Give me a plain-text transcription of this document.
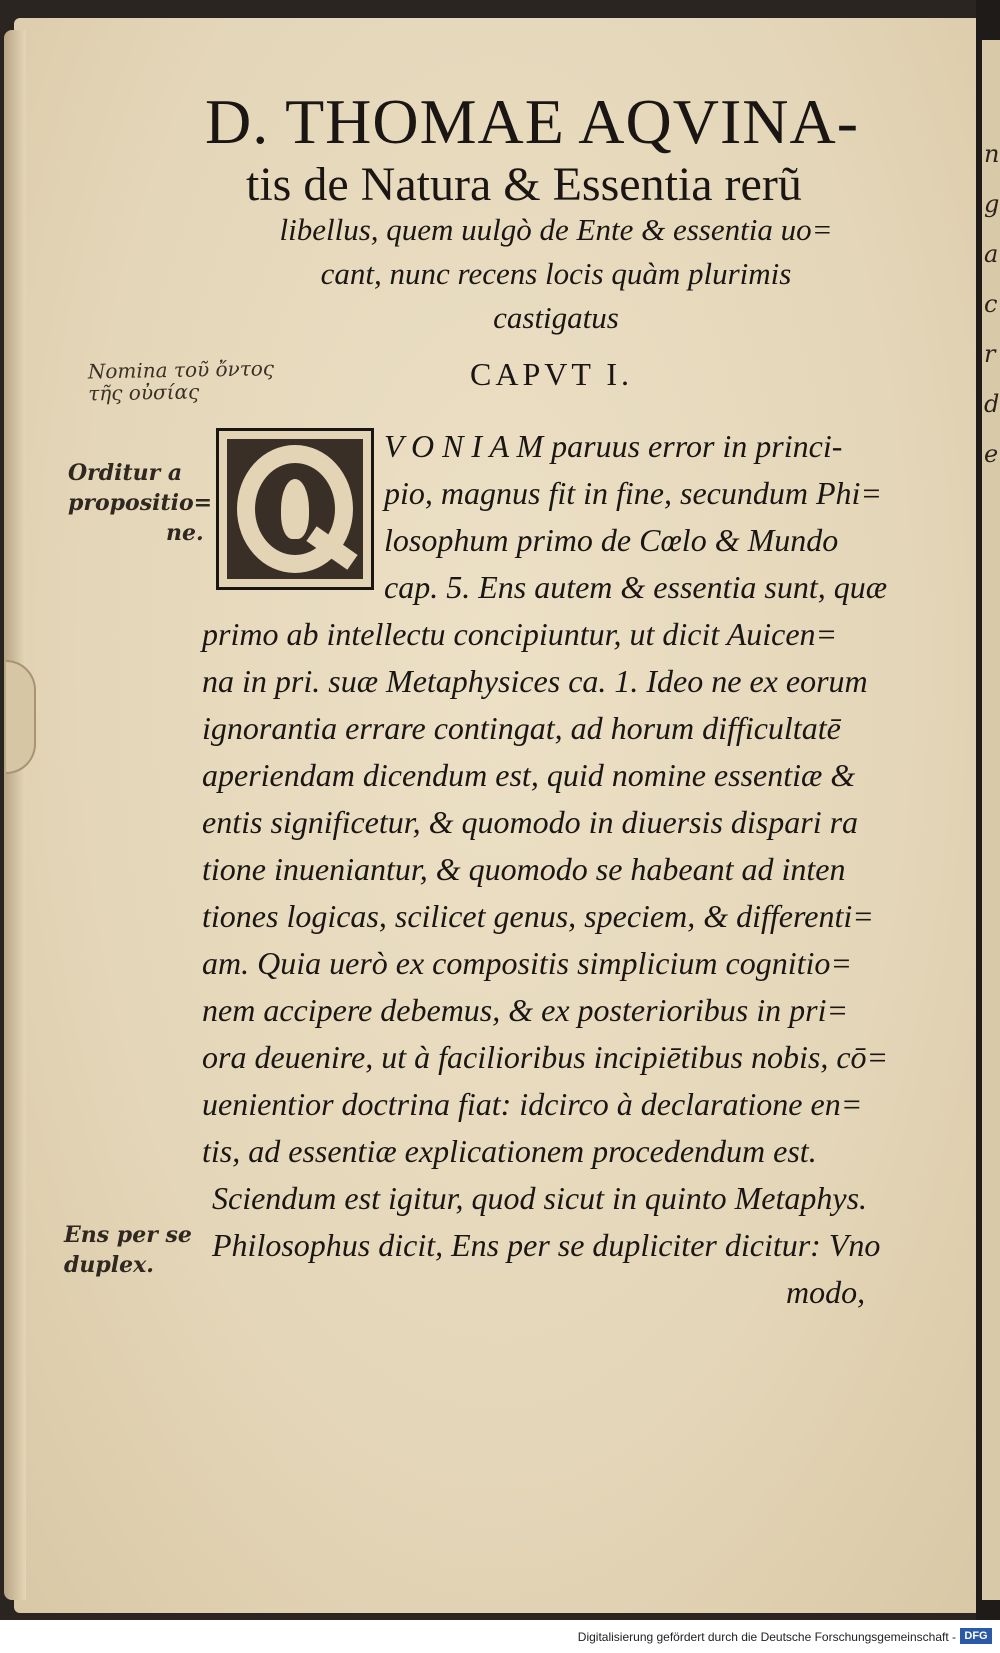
n
g
a
c
r
d
e
D. THOMAE AQVINA-
tis de Natura & Essentia rerũ
libellus, quem uulgò de Ente & essentia uo=
cant, nunc recens locis quàm plurimis
castigatus
Nomina τοῦ ὄντος
τῆς οὐσίας
CAPVT I.
Orditur a
propositio=
ne.
Ens per se
duplex.
V O N I A M paruus error in princi-
pio, magnus fit in fine, secundum Phi=
losophum primo de Cœlo & Mundo
cap. 5. Ens autem & essentia sunt, quæ
primo ab intellectu concipiuntur, ut dicit Auicen=
na in pri. suæ Metaphysices ca. 1. Ideo ne ex eorum
ignorantia errare contingat, ad horum difficultatē
aperiendam dicendum est, quid nomine essentiæ &
entis significetur, & quomodo in diuersis dispari ra
tione inueniantur, & quomodo se habeant ad inten
tiones logicas, scilicet genus, speciem, & differenti=
am. Quia uerò ex compositis simplicium cognitio=
nem accipere debemus, & ex posterioribus in pri=
ora deuenire, ut à facilioribus incipiētibus nobis, cō=
uenientior doctrina fiat: idcirco à declaratione en=
tis, ad essentiæ explicationem procedendum est.
Sciendum est igitur, quod sicut in quinto Metaphys.
Philosophus dicit, Ens per se dupliciter dicitur: Vno
modo,
Digitalisierung gefördert durch die Deutsche Forschungsgemeinschaft - DFG
